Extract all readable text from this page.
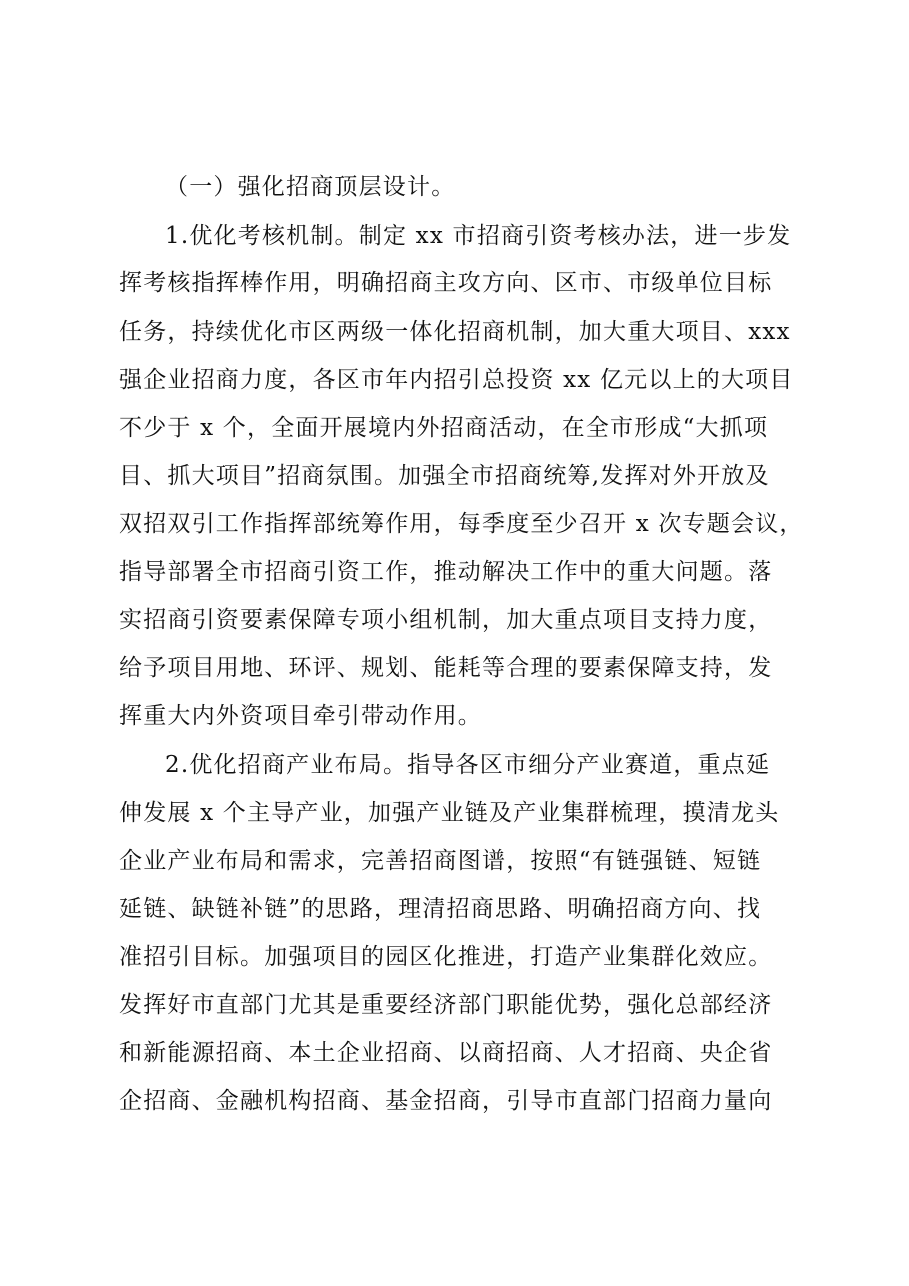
（一）强化招商顶层设计。
1.优化考核机制。制定 xx 市招商引资考核办法，进一步发
挥考核指挥棒作用，明确招商主攻方向、区市、市级单位目标
任务，持续优化市区两级一体化招商机制，加大重大项目、xxx
强企业招商力度，各区市年内招引总投资 xx 亿元以上的大项目
不少于 x 个，全面开展境内外招商活动，在全市形成“大抓项
目、抓大项目”招商氛围。加强全市招商统筹,发挥对外开放及
双招双引工作指挥部统筹作用，每季度至少召开 x 次专题会议，
指导部署全市招商引资工作，推动解决工作中的重大问题。落
实招商引资要素保障专项小组机制，加大重点项目支持力度，
给予项目用地、环评、规划、能耗等合理的要素保障支持，发
挥重大内外资项目牵引带动作用。
2.优化招商产业布局。指导各区市细分产业赛道，重点延
伸发展 x 个主导产业，加强产业链及产业集群梳理，摸清龙头
企业产业布局和需求，完善招商图谱，按照“有链强链、短链
延链、缺链补链”的思路，理清招商思路、明确招商方向、找
准招引目标。加强项目的园区化推进，打造产业集群化效应。
发挥好市直部门尤其是重要经济部门职能优势，强化总部经济
和新能源招商、本土企业招商、以商招商、人才招商、央企省
企招商、金融机构招商、基金招商，引导市直部门招商力量向
